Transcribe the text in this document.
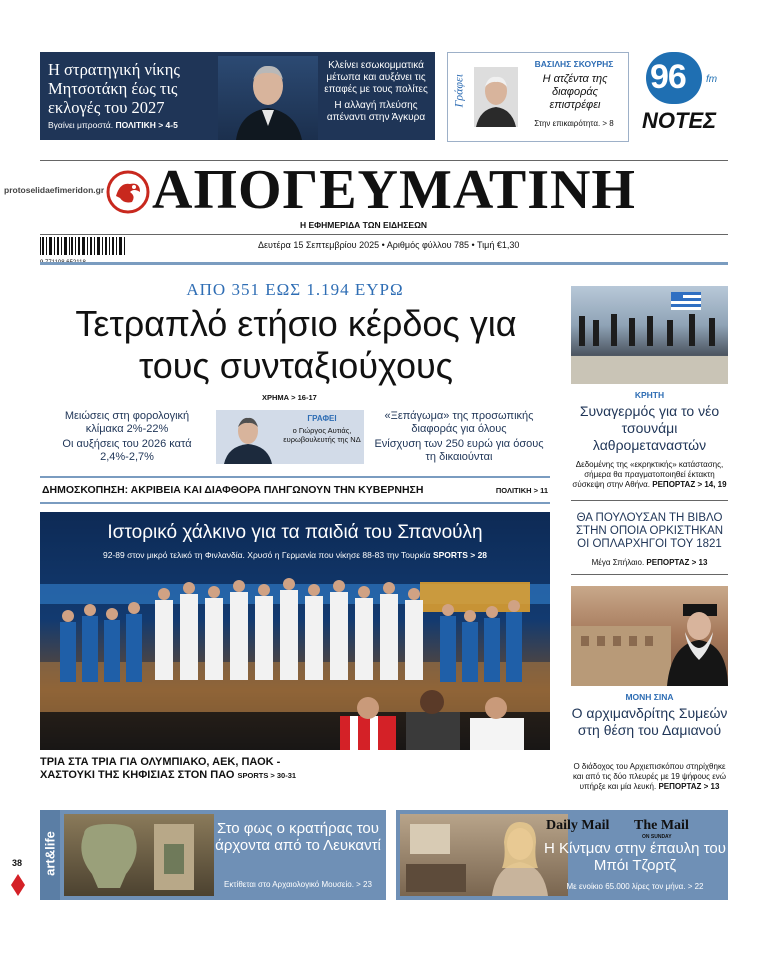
Η στρατηγική νίκης Μητσοτάκη έως τις εκλογές του 2027
Βγαίνει μπροστά. ΠΟΛΙΤΙΚΗ > 4-5
Κλείνει εσωκομματικά μέτωπα και αυξάνει τις επαφές με τους πολίτες
Η αλλαγή πλεύσης απέναντι στην Άγκυρα
Γράφει
ΒΑΣΙΛΗΣ ΣΚΟΥΡΗΣ
Η ατζέντα της διαφοράς επιστρέφει
Στην επικαιρότητα. > 8
96 fm
ΝΟΤΕΣ
protoselidaefimeridon.gr ΑΠΟΓΕΥΜΑΤΙΝΗ
Η ΕΦΗΜΕΡΙΔΑ ΤΩΝ ΕΙΔΗΣΕΩΝ
Δευτέρα 15 Σεπτεμβρίου 2025 • Αριθμός φύλλου 785 • Τιμή €1,30
ΑΠΟ 351 ΕΩΣ 1.194 ΕΥΡΩ
Τετραπλό ετήσιο κέρδος για τους συνταξιούχους
ΧΡΗΜΑ > 16-17
Μειώσεις στη φορολογική κλίμακα 2%-22%
Οι αυξήσεις του 2026 κατά 2,4%-2,7%
ΓΡΑΦΕΙ
ο Γιώργος Αυτιάς, ευρωβουλευτής της ΝΔ
«Ξεπάγωμα» της προσωπικής διαφοράς για όλους
Ενίσχυση των 250 ευρώ για όσους τη δικαιούνται
ΔΗΜΟΣΚΟΠΗΣΗ: ΑΚΡΙΒΕΙΑ ΚΑΙ ΔΙΑΦΘΟΡΑ ΠΛΗΓΩΝΟΥΝ ΤΗΝ ΚΥΒΕΡΝΗΣΗ	ΠΟΛΙΤΙΚΗ > 11
Ιστορικό χάλκινο για τα παιδιά του Σπανούλη
92-89 στον μικρό τελικό τη Φινλανδία. Χρυσό η Γερμανία που νίκησε 88-83 την Τουρκία SPORTS > 28
ΤΡΙΑ ΣΤΑ ΤΡΙΑ ΓΙΑ ΟΛΥΜΠΙΑΚΟ, ΑΕΚ, ΠΑΟΚ - ΧΑΣΤΟΥΚΙ ΤΗΣ ΚΗΦΙΣΙΑΣ ΣΤΟΝ ΠΑΟ SPORTS > 30-31
ΚΡΗΤΗ
Συναγερμός για το νέο τσουνάμι λαθρομεταναστών
Δεδομένης της «εκρηκτικής» κατάστασης, σήμερα θα πραγματοποιηθεί έκτακτη σύσκεψη στην Αθήνα. ΡΕΠΟΡΤΑΖ > 14, 19
ΘΑ ΠΟΥΛΟΥΣΑΝ ΤΗ ΒΙΒΛΟ ΣΤΗΝ ΟΠΟΙΑ ΟΡΚΙΣΤΗΚΑΝ ΟΙ ΟΠΛΑΡΧΗΓΟΙ ΤΟΥ 1821
Μέγα Σπήλαιο. ΡΕΠΟΡΤΑΖ > 13
ΜΟΝΗ ΣΙΝΑ
Ο αρχιμανδρίτης Συμεών στη θέση του Δαμιανού
Ο διάδοχος του Αρχιεπισκόπου στηρίχθηκε και από τις δύο πλευρές με 19 ψήφους ενώ υπήρξε και μία λευκή. ΡΕΠΟΡΤΑΖ > 13
art&life
Στο φως ο κρατήρας του άρχοντα από το Λευκαντί
Εκτίθεται στο Αρχαιολογικό Μουσείο. > 23
Daily Mail The Mail
ON SUNDAY
Η Κίντμαν στην έπαυλη του Μπόι Τζορτζ
Με ενοίκιο 65.000 λίρες τον μήνα. > 22
38
